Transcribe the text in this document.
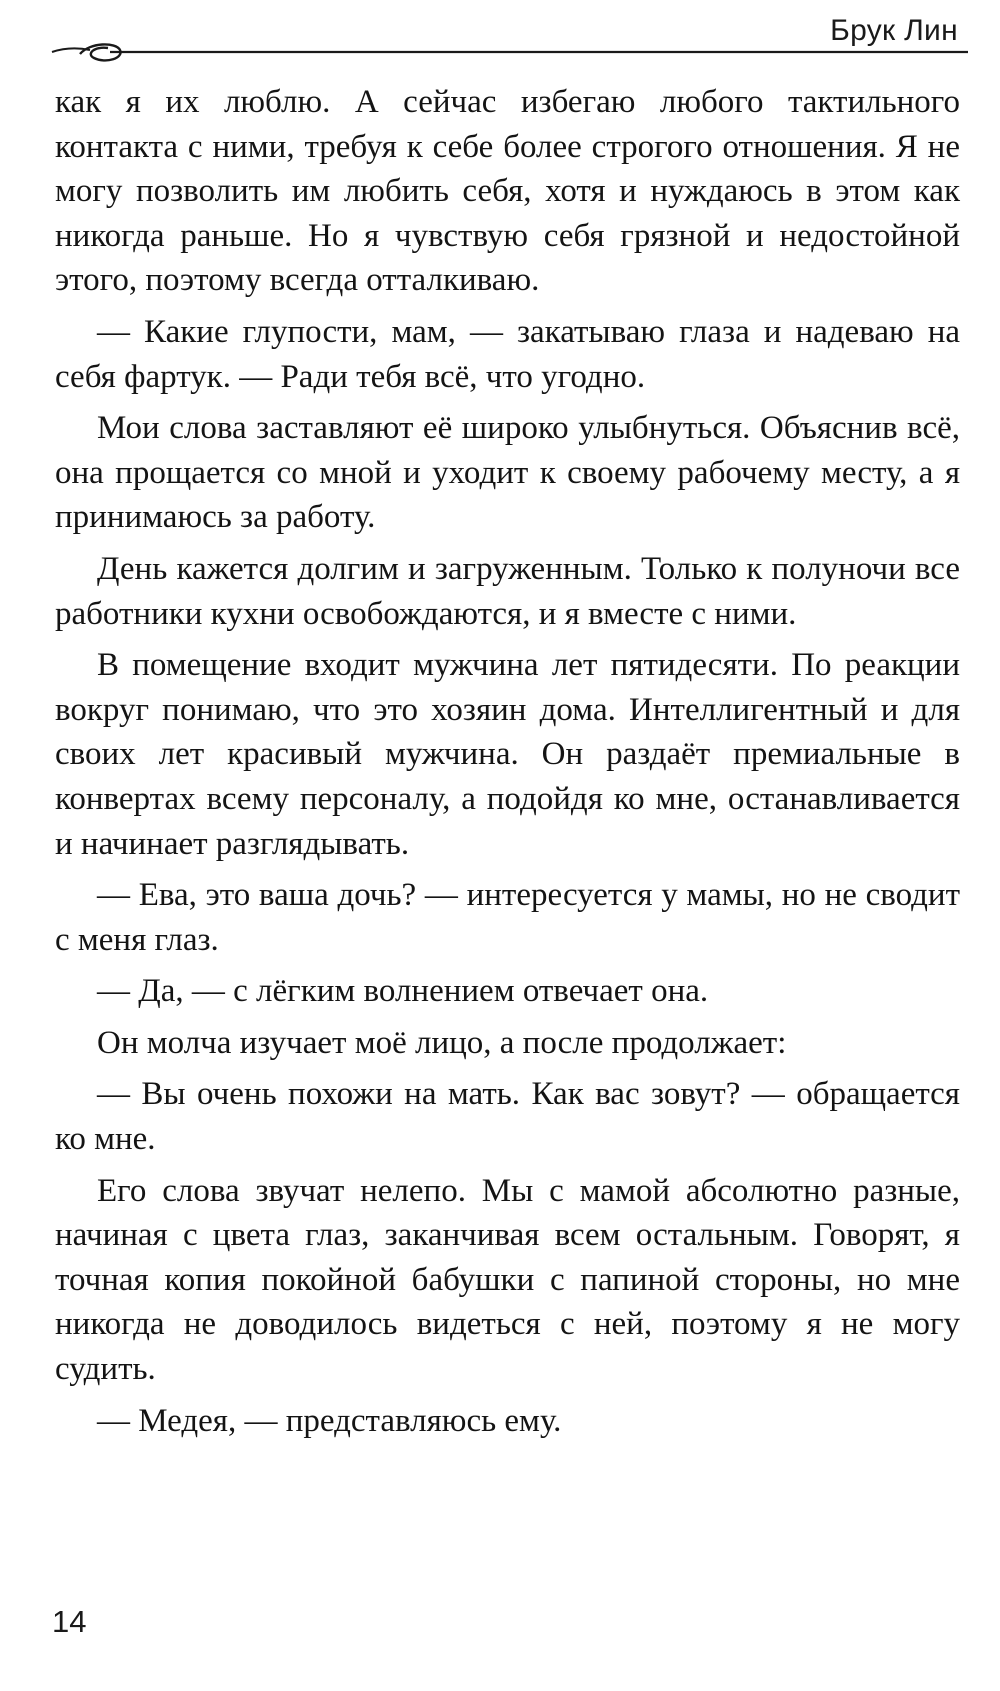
Брук Лин

как я их люблю. А сейчас избегаю любого тактильного контакта с ними, требуя к себе более строгого отношения. Я не могу позволить им любить себя, хотя и нуждаюсь в этом как никогда раньше. Но я чувствую себя грязной и недостойной этого, поэтому всегда отталкиваю.

— Какие глупости, мам, — закатываю глаза и надеваю на себя фартук. — Ради тебя всё, что угодно.

Мои слова заставляют её широко улыбнуться. Объяснив всё, она прощается со мной и уходит к своему рабочему месту, а я принимаюсь за работу.

День кажется долгим и загруженным. Только к полуночи все работники кухни освобождаются, и я вместе с ними.

В помещение входит мужчина лет пятидесяти. По реакции вокруг понимаю, что это хозяин дома. Интеллигентный и для своих лет красивый мужчина. Он раздаёт премиальные в конвертах всему персоналу, а подойдя ко мне, останавливается и начинает разглядывать.

— Ева, это ваша дочь? — интересуется у мамы, но не сводит с меня глаз.

— Да, — с лёгким волнением отвечает она.

Он молча изучает моё лицо, а после продолжает:

— Вы очень похожи на мать. Как вас зовут? — обращается ко мне.

Его слова звучат нелепо. Мы с мамой абсолютно разные, начиная с цвета глаз, заканчивая всем остальным. Говорят, я точная копия покойной бабушки с папиной стороны, но мне никогда не доводилось видеться с ней, поэтому я не могу судить.

— Медея, — представляюсь ему.

14
